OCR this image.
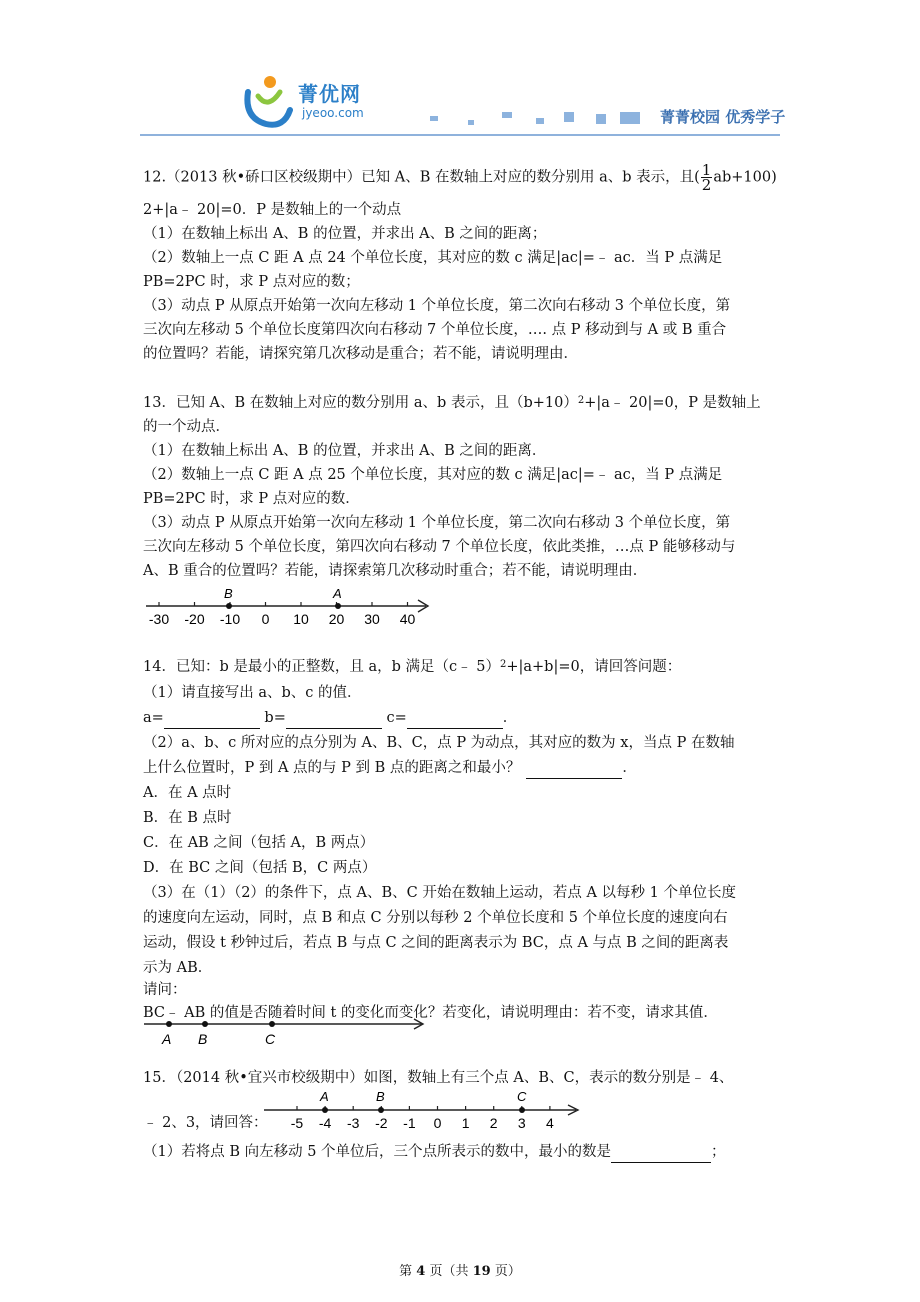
菁优网
jyeoo.com	菁菁校园 优秀学子
12.（2013 秋•硚口区校级期中）已知 A、B 在数轴上对应的数分别用 a、b 表示，且( $\frac{1}{2} ab+100$)
2+|a﹣ 20|=0．P 是数轴上的一个动点
（1）在数轴上标出 A、B 的位置，并求出 A、B 之间的距离；
（2）数轴上一点 C 距 A 点 24 个单位长度，其对应的数 c 满足|ac|=﹣ ac．当 P 点满足
PB=2PC 时，求 P 点对应的数；
（3）动点 P 从原点开始第一次向左移动 1 个单位长度，第二次向右移动 3 个单位长度，第
三次向左移动 5 个单位长度第四次向右移动 7 个单位长度，…. 点 P 移动到与 A 或 B 重合
的位置吗？若能，请探究第几次移动是重合；若不能，请说明理由．
13．已知 A、B 在数轴上对应的数分别用 a、b 表示，且$(b+10)^2+|a﹣$ 20|=0，P 是数轴上
的一个动点．
（1）在数轴上标出 A、B 的位置，并求出 A、B 之间的距离．
（2）数轴上一点 C 距 A 点 25 个单位长度，其对应的数 c 满足|ac|=﹣ ac，当 P 点满足
PB=2PC 时，求 P 点对应的数．
（3）动点 P 从原点开始第一次向左移动 1 个单位长度，第二次向右移动 3 个单位长度，第
三次向左移动 5 个单位长度，第四次向右移动 7 个单位长度，依此类推，…点 P 能够移动与
A、B 重合的位置吗？若能，请探索第几次移动时重合；若不能，请说明理由．
-30 -20 -10 0 10 20 30 40
B	A
14．已知：b 是最小的正整数，且 a，b 满足（c﹣ 5）$^2$+|a+b|=0，请回答问题：
（1）请直接写出 a、b、c 的值．
a=	b=	c=	．
（2）a、b、c 所对应的点分别为 A、B、C，点 P 为动点，其对应的数为 x，当点 P 在数轴
上什么位置时，P 到 A 点的与 P 到 B 点的距离之和最小？	．
A．在 A 点时
B．在 B 点时
C．在 AB 之间（包括 A，B 两点）
D．在 BC 之间（包括 B，C 两点）
（3）在（1）（2）的条件下，点 A、B、C 开始在数轴上运动，若点 A 以每秒 1 个单位长度
的速度向左运动，同时，点 B 和点 C 分别以每秒 2 个单位长度和 5 个单位长度的速度向右
运动，假设 t 秒钟过后，若点 B 与点 C 之间的距离表示为 BC，点 A 与点 B 之间的距离表
示为 AB．
请问：
BC﹣ AB 的值是否随着时间 t 的变化而变化？若变化，请说明理由：若不变，请求其值．
A B	C
15．（2014 秋•宜兴市校级期中）如图，数轴上有三个点 A、B、C，表示的数分别是﹣ 4、
﹣ 2、3，请回答： -5 -4 -3 -2 -1 0 1 2 3 4
A	B	C
（1）若将点 B 向左移动 5 个单位后，三个点所表示的数中，最小的数是	；
第 4 页（共 19 页）
